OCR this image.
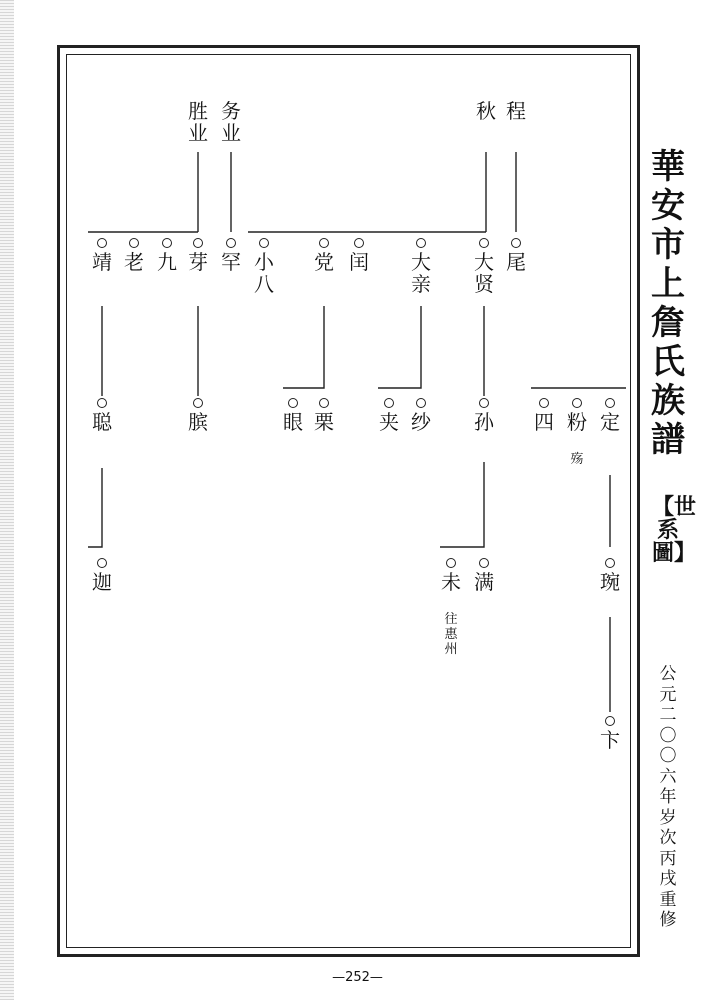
胜业
务业
秋 程
靖 老 九 芽 罕 小八
党 闰 大亲
大贤
尾
聪	膑	眼 栗 夹 纱 孙 四 粉 定
殇
迦	未 满	琬
往惠州
卞
華安市上詹氏族譜
【世系圖】
公元二〇〇六年岁次丙戌重修
—252—
